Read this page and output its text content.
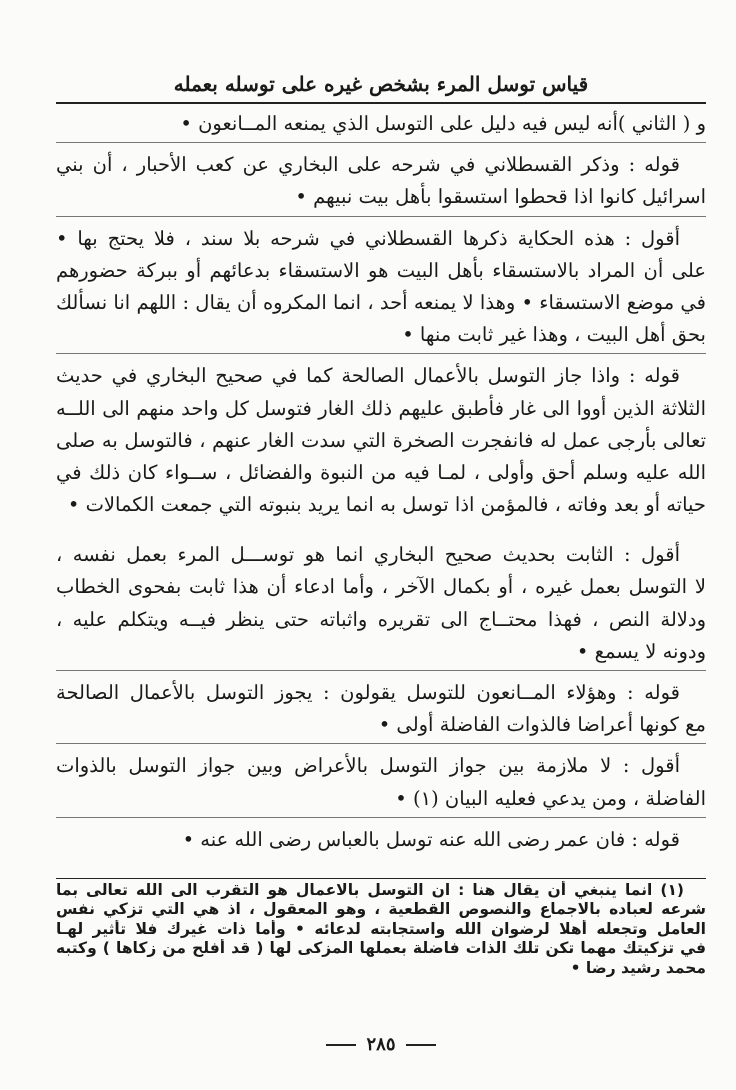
قياس توسل المرء بشخص غيره على توسله بعمله
و ( الثاني )أنه ليس فيه دليل على التوسل الذي يمنعه المــانعون •
قوله : وذكر القسطلاني في شرحه على البخاري عن كعب الأحبار ، أن بني
اسرائيل كانوا اذا قحطوا استسقوا بأهل بيت نبيهم •
أقول : هذه الحكاية ذكرها القسطلاني في شرحه بلا سند ، فلا يحتج بها •
على أن المراد بالاستسقاء بأهل البيت هو الاستسقاء بدعائهم أو ببركة حضورهم
في موضع الاستسقاء • وهذا لا يمنعه أحد ، انما المكروه أن يقال : اللهم انا نسألك
بحق أهل البيت ، وهذا غير ثابت منها •
قوله : واذا جاز التوسل بالأعمال الصالحة كما في صحيح البخاري في حديث
الثلاثة الذين أووا الى غار فأطبق عليهم ذلك الغار فتوسل كل واحد منهم الى اللــه
تعالى بأرجى عمل له فانفجرت الصخرة التي سدت الغار عنهم ، فالتوسل به صلى
الله عليه وسلم أحق وأولى ، لمـا فيه من النبوة والفضائل ، ســواء كان ذلك في
حياته أو بعد وفاته ، فالمؤمن اذا توسل به انما يريد بنبوته التي جمعت الكمالات •
أقول : الثابت بحديث صحيح البخاري انما هو توســـل المرء بعمل نفسه ،
لا التوسل بعمل غيره ، أو بكمال الآخر ، وأما ادعاء أن هذا ثابت بفحوى الخطاب
ودلالة النص ، فهذا محتــاج الى تقريره واثباته حتى ينظر فيــه ويتكلم عليه ،
ودونه لا يسمع •
قوله : وهؤلاء المــانعون للتوسل يقولون : يجوز التوسل بالأعمال الصالحة
مع كونها أعراضا فالذوات الفاضلة أولى •
أقول : لا ملازمة بين جواز التوسل بالأعراض وبين جواز التوسل بالذوات
الفاضلة ، ومن يدعي فعليه البيان (١) •
قوله : فان عمر رضى الله عنه توسل بالعباس رضى الله عنه •
(١) انما ينبغي أن يقال هنا : ان التوسل بالاعمال هو التقرب الى الله تعالى بما
شرعه لعباده بالاجماع والنصوص القطعية ، وهو المعقول ، اذ هي التي تزكي نفس
العامل وتجعله أهلا لرضوان الله واستجابته لدعائه • وأما ذات غيرك فلا تأثير لهـا
في تزكيتك مهما تكن تلك الذات فاضلة بعملها المزكى لها ( قد أفلح من زكاها ) وكتبه
محمد رشيد رضا •
٢٨٥
